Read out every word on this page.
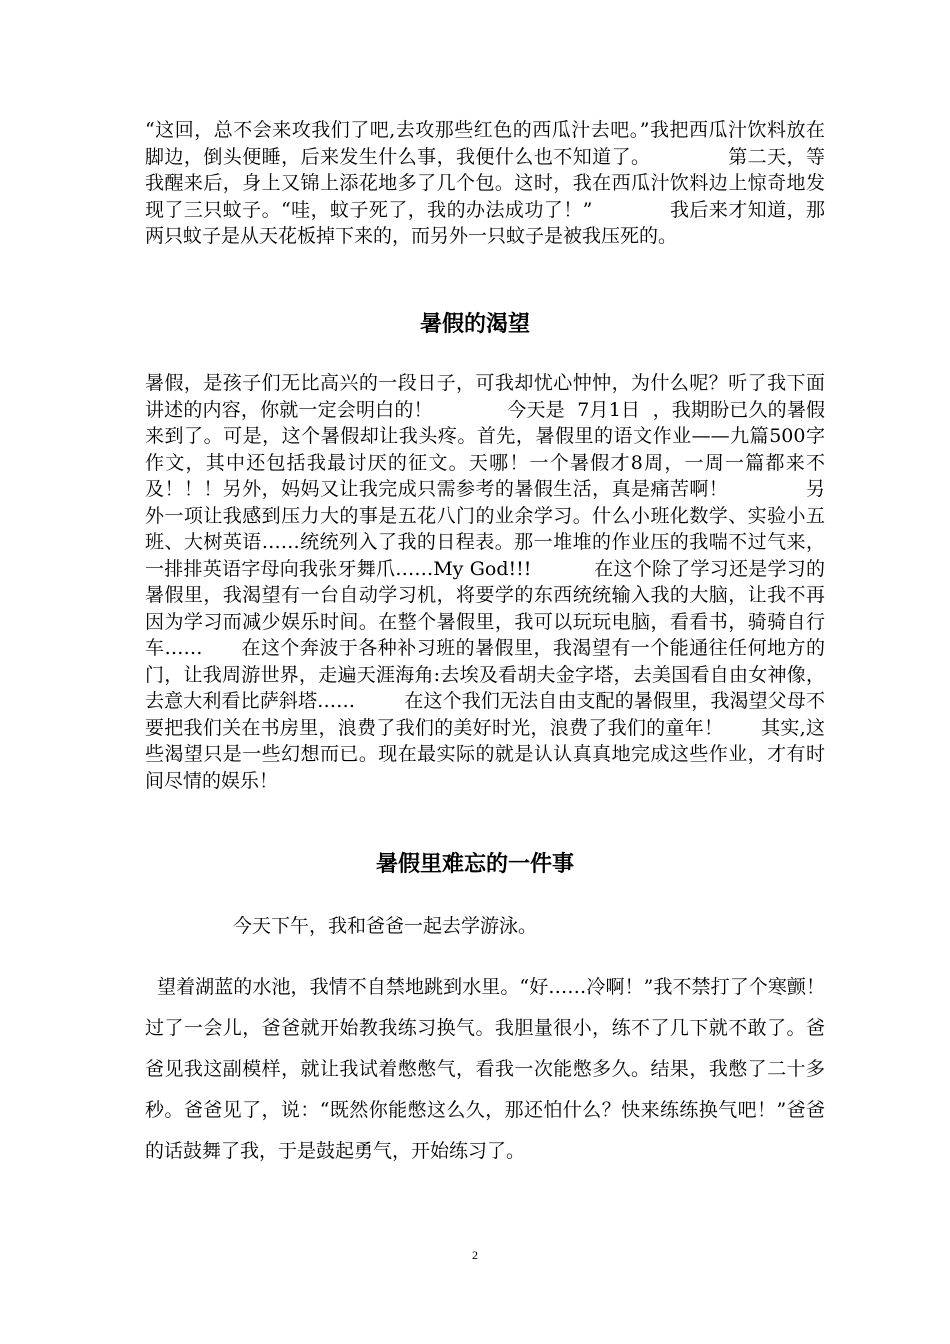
“这回，总不会来攻我们了吧,去攻那些红色的西瓜汁去吧。”我把西瓜汁饮料放在脚边，倒头便睡，后来发生什么事，我便什么也不知道了。            第二天，等我醒来后，身上又锦上添花地多了几个包。这时，我在西瓜汁饮料边上惊奇地发现了三只蚊子。“哇，蚊子死了，我的办法成功了！”            我后来才知道，那两只蚊子是从天花板掉下来的，而另外一只蚊子是被我压死的。
暑假的渴望
暑假，是孩子们无比高兴的一段日子，可我却忧心忡忡，为什么呢？听了我下面讲述的内容，你就一定会明白的！            今天是  7月1日  ，我期盼已久的暑假来到了。可是，这个暑假却让我头疼。首先，暑假里的语文作业——九篇500字作文，其中还包括我最讨厌的征文。天哪！一个暑假才8周，一周一篇都来不及！！！另外，妈妈又让我完成只需参考的暑假生活，真是痛苦啊！            另外一项让我感到压力大的事是五花八门的业余学习。什么小班化数学、实验小五班、大树英语……统统列入了我的日程表。那一堆堆的作业压的我喘不过气来，一排排英语字母向我张牙舞爪……My God!!!          在这个除了学习还是学习的暑假里，我渴望有一台自动学习机，将要学的东西统统输入我的大脑，让我不再因为学习而减少娱乐时间。在整个暑假里，我可以玩玩电脑，看看书，骑骑自行车……      在这个奔波于各种补习班的暑假里，我渴望有一个能通往任何地方的门，让我周游世界，走遍天涯海角:去埃及看胡夫金字塔，去美国看自由女神像，去意大利看比萨斜塔……        在这个我们无法自由支配的暑假里，我渴望父母不要把我们关在书房里，浪费了我们的美好时光，浪费了我们的童年！      其实,这些渴望只是一些幻想而已。现在最实际的就是认认真真地完成这些作业，才有时间尽情的娱乐！
暑假里难忘的一件事
今天下午，我和爸爸一起去学游泳。
望着湖蓝的水池，我情不自禁地跳到水里。“好……冷啊！”我不禁打了个寒颤！过了一会儿，爸爸就开始教我练习换气。我胆量很小，练不了几下就不敢了。爸爸见我这副模样，就让我试着憋憋气，看我一次能憋多久。结果，我憋了二十多秒。爸爸见了，说：“既然你能憋这么久，那还怕什么？快来练练换气吧！”爸爸的话鼓舞了我，于是鼓起勇气，开始练习了。
2
